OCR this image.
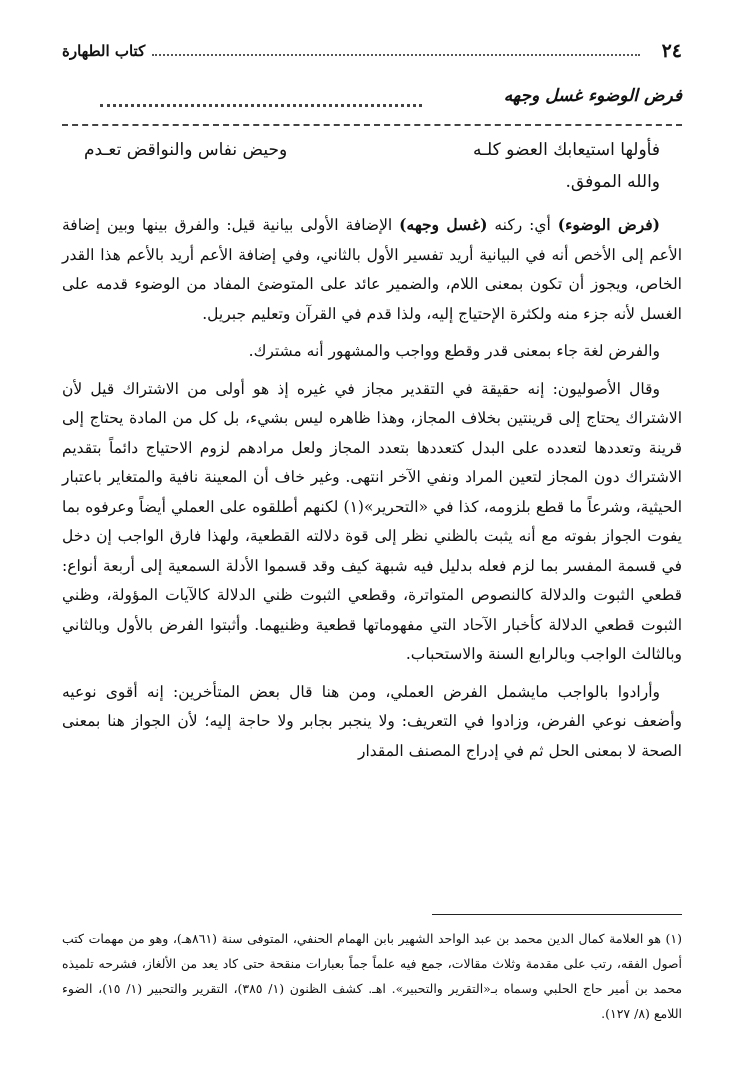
٢٤
كتاب الطهارة
فرض الوضوء غسل وجهه
فأولها استيعابك العضو كلـه
وحيض نفاس والنواقض تعـدم
والله الموفق.

(فرض الوضوء) أي: ركنه (غسل وجهه) الإضافة الأولى بيانية قيل: والفرق بينها وبين إضافة الأعم إلى الأخص أنه في البيانية أريد تفسير الأول بالثاني، وفي إضافة الأعم أريد بالأعم هذا القدر الخاص، ويجوز أن تكون بمعنى اللام، والضمير عائد على المتوضئ المفاد من الوضوء قدمه على الغسل لأنه جزء منه ولكثرة الإحتياج إليه، ولذا قدم في القرآن وتعليم جبريل.

والفرض لغة جاء بمعنى قدر وقطع وواجب والمشهور أنه مشترك.

وقال الأصوليون: إنه حقيقة في التقدير مجاز في غيره إذ هو أولى من الاشتراك قيل لأن الاشتراك يحتاج إلى قرينتين بخلاف المجاز، وهذا ظاهره ليس بشيء، بل كل من المادة يحتاج إلى قرينة وتعددها لتعدده على البدل كتعددها بتعدد المجاز ولعل مرادهم لزوم الاحتياج دائماً بتقديم الاشتراك دون المجاز لتعين المراد ونفي الآخر انتهى. وغير خاف أن المعينة نافية والمتغاير باعتبار الحيثية، وشرعاً ما قطع بلزومه، كذا في «التحرير»(١) لكنهم أطلقوه على العملي أيضاً وعرفوه بما يفوت الجواز بفوته مع أنه يثبت بالظني نظر إلى قوة دلالته القطعية، ولهذا فارق الواجب إن دخل في قسمة المفسر بما لزم فعله بدليل فيه شبهة كيف وقد قسموا الأدلة السمعية إلى أربعة أنواع: قطعي الثبوت والدلالة كالنصوص المتواترة، وقطعي الثبوت ظني الدلالة كالآيات المؤولة، وظني الثبوت قطعي الدلالة كأخبار الآحاد التي مفهوماتها قطعية وظنيهما. وأثبتوا الفرض بالأول وبالثاني وبالثالث الواجب وبالرابع السنة والاستحباب.

وأرادوا بالواجب مايشمل الفرض العملي، ومن هنا قال بعض المتأخرين: إنه أقوى نوعيه وأضعف نوعي الفرض، وزادوا في التعريف: ولا ينجبر بجابر ولا حاجة إليه؛ لأن الجواز هنا بمعنى الصحة لا بمعنى الحل ثم في إدراج المصنف المقدار

(١) هو العلامة كمال الدين محمد بن عبد الواحد الشهير بابن الهمام الحنفي، المتوفى سنة (٨٦١هـ)، وهو من مهمات كتب أصول الفقه، رتب على مقدمة وثلاث مقالات، جمع فيه علماً جماً بعبارات منقحة حتى كاد يعد من الألغاز، فشرحه تلميذه محمد بن أمير حاج الحلبي وسماه بـ«التقرير والتحبير». اهـ. كشف الظنون (١/ ٣٨٥)، التقرير والتحبير (١/ ١٥)، الضوء اللامع (٨/ ١٢٧).
